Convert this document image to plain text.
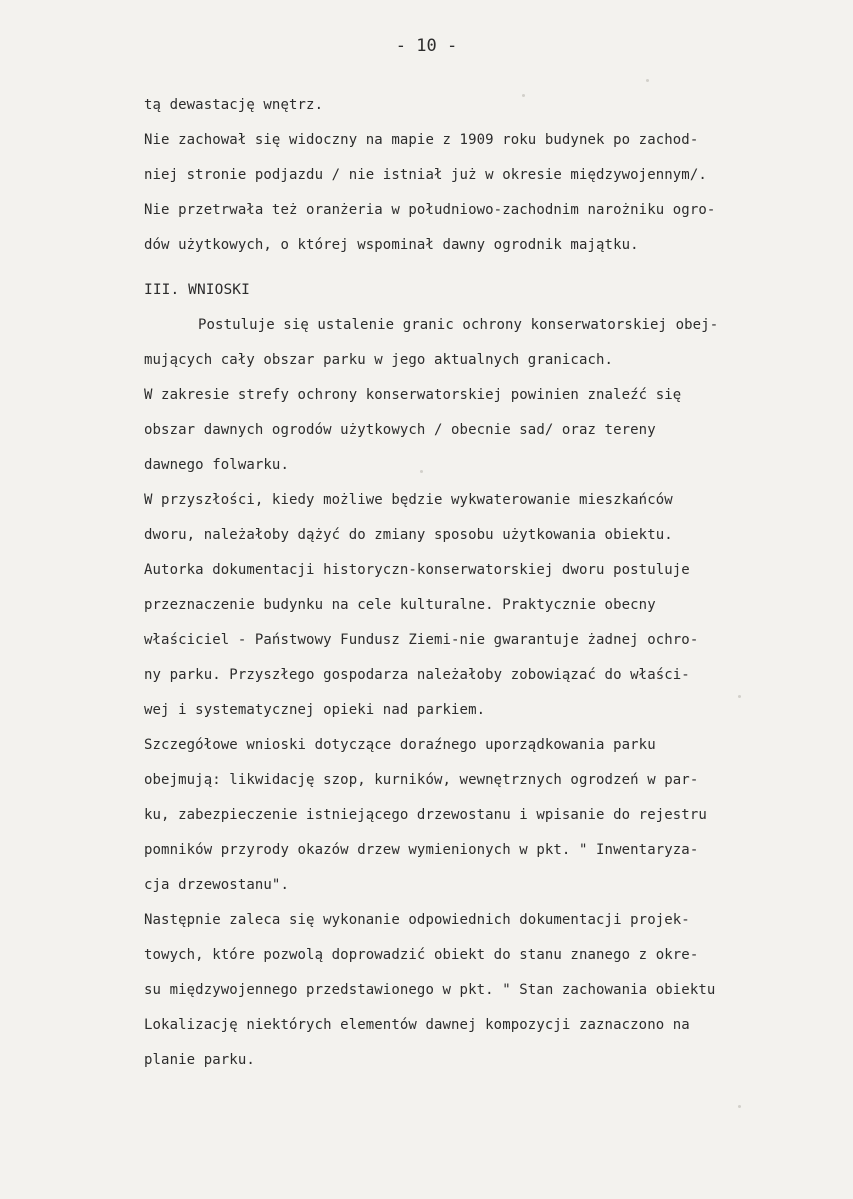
- 10 -
tą dewastację wnętrz.
Nie zachował się widoczny na mapie z 1909 roku budynek po zachod-
niej stronie podjazdu / nie istniał już w okresie międzywojennym/.
Nie przetrwała też oranżeria w południowo-zachodnim narożniku ogro-
dów użytkowych, o której wspominał dawny ogrodnik majątku.
III. WNIOSKI
Postuluje się ustalenie granic ochrony konserwatorskiej obej-
mujących cały obszar parku w jego aktualnych granicach.
W zakresie strefy ochrony konserwatorskiej powinien znaleźć się
obszar dawnych ogrodów użytkowych / obecnie sad/ oraz tereny
dawnego folwarku.
W przyszłości, kiedy możliwe będzie wykwaterowanie mieszkańców
dworu, należałoby dążyć do zmiany sposobu użytkowania obiektu.
Autorka dokumentacji historyczn-konserwatorskiej dworu postuluje
przeznaczenie budynku na cele kulturalne. Praktycznie obecny
właściciel - Państwowy Fundusz Ziemi-nie gwarantuje żadnej ochro-
ny parku. Przyszłego gospodarza należałoby zobowiązać do właści-
wej i systematycznej opieki nad parkiem.
Szczegółowe wnioski dotyczące doraźnego uporządkowania parku
obejmują: likwidację szop, kurników, wewnętrznych ogrodzeń w par-
ku, zabezpieczenie istniejącego drzewostanu i wpisanie do rejestru
pomników przyrody okazów drzew wymienionych w pkt. " Inwentaryza-
cja drzewostanu".
Następnie zaleca się wykonanie odpowiednich dokumentacji projek-
towych, które pozwolą doprowadzić obiekt do stanu znanego z okre-
su międzywojennego przedstawionego w pkt. " Stan zachowania obiektu
Lokalizację niektórych elementów dawnej kompozycji zaznaczono na
planie parku.
